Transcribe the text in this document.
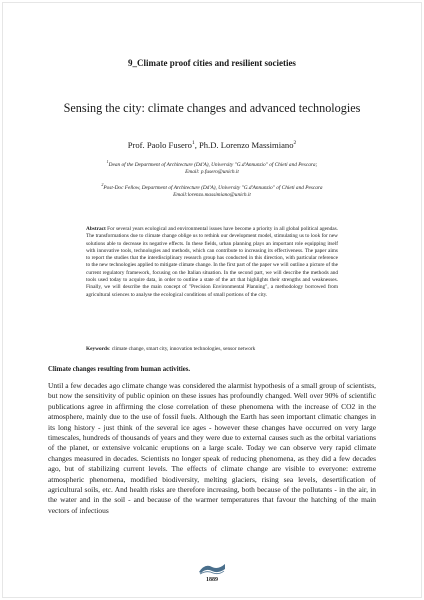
9_Climate proof cities and resilient societies
Sensing the city: climate changes and advanced technologies
Prof. Paolo Fusero$^1$, Ph.D. Lorenzo Massimiano$^2$
$^1$Dean of the Department of Architecture (Dd'A), University "G.d'Annunzio" of Chieti and Pescara;
Email: p.fusero@unich.it
$^2$Post-Doc Fellow, Department of Architecture (Dd'A), University "G.d'Annunzio" of Chieti and Pescara
Email:lorenzo.massimiano@unich.it
Abstract For several years ecological and environmental issues have become a priority in all global political agendas. The transformations due to climate change oblige us to rethink our development model, stimulating us to look for new solutions able to decrease its negative effects. In these fields, urban planning plays an important role equipping itself with innovative tools, technologies and methods, which can contribute to increasing its effectiveness. The paper aims to report the studies that the interdisciplinary research group has conducted in this direction, with particular reference to the new technologies applied to mitigate climate change. In the first part of the paper we will outline a picture of the current regulatory framework, focusing on the Italian situation. In the second part, we will describe the methods and tools used today to acquire data, in order to outline a state of the art that highlights their strengths and weaknesses. Finally, we will describe the main concept of "Precision Environmental Planning", a methodology borrowed from agricultural sciences to analyse the ecological conditions of small portions of the city.
Keywords: climate change, smart city, innovation technologies, sensor network
Climate changes resulting from human activities.
Until a few decades ago climate change was considered the alarmist hypothesis of a small group of scientists, but now the sensitivity of public opinion on these issues has profoundly changed. Well over 90% of scientific publications agree in affirming the close correlation of these phenomena with the increase of CO2 in the atmosphere, mainly due to the use of fossil fuels. Although the Earth has seen important climatic changes in its long history - just think of the several ice ages - however these changes have occurred on very large timescales, hundreds of thousands of years and they were due to external causes such as the orbital variations of the planet, or extensive volcanic eruptions on a large scale. Today we can observe very rapid climate changes measured in decades. Scientists no longer speak of reducing phenomena, as they did a few decades ago, but of stabilizing current levels. The effects of climate change are visible to everyone: extreme atmospheric phenomena, modified biodiversity, melting glaciers, rising sea levels, desertification of agricultural soils, etc. And health risks are therefore increasing, both because of the pollutants - in the air, in the water and in the soil - and because of the warmer temperatures that favour the hatching of the main vectors of infectious
1889
